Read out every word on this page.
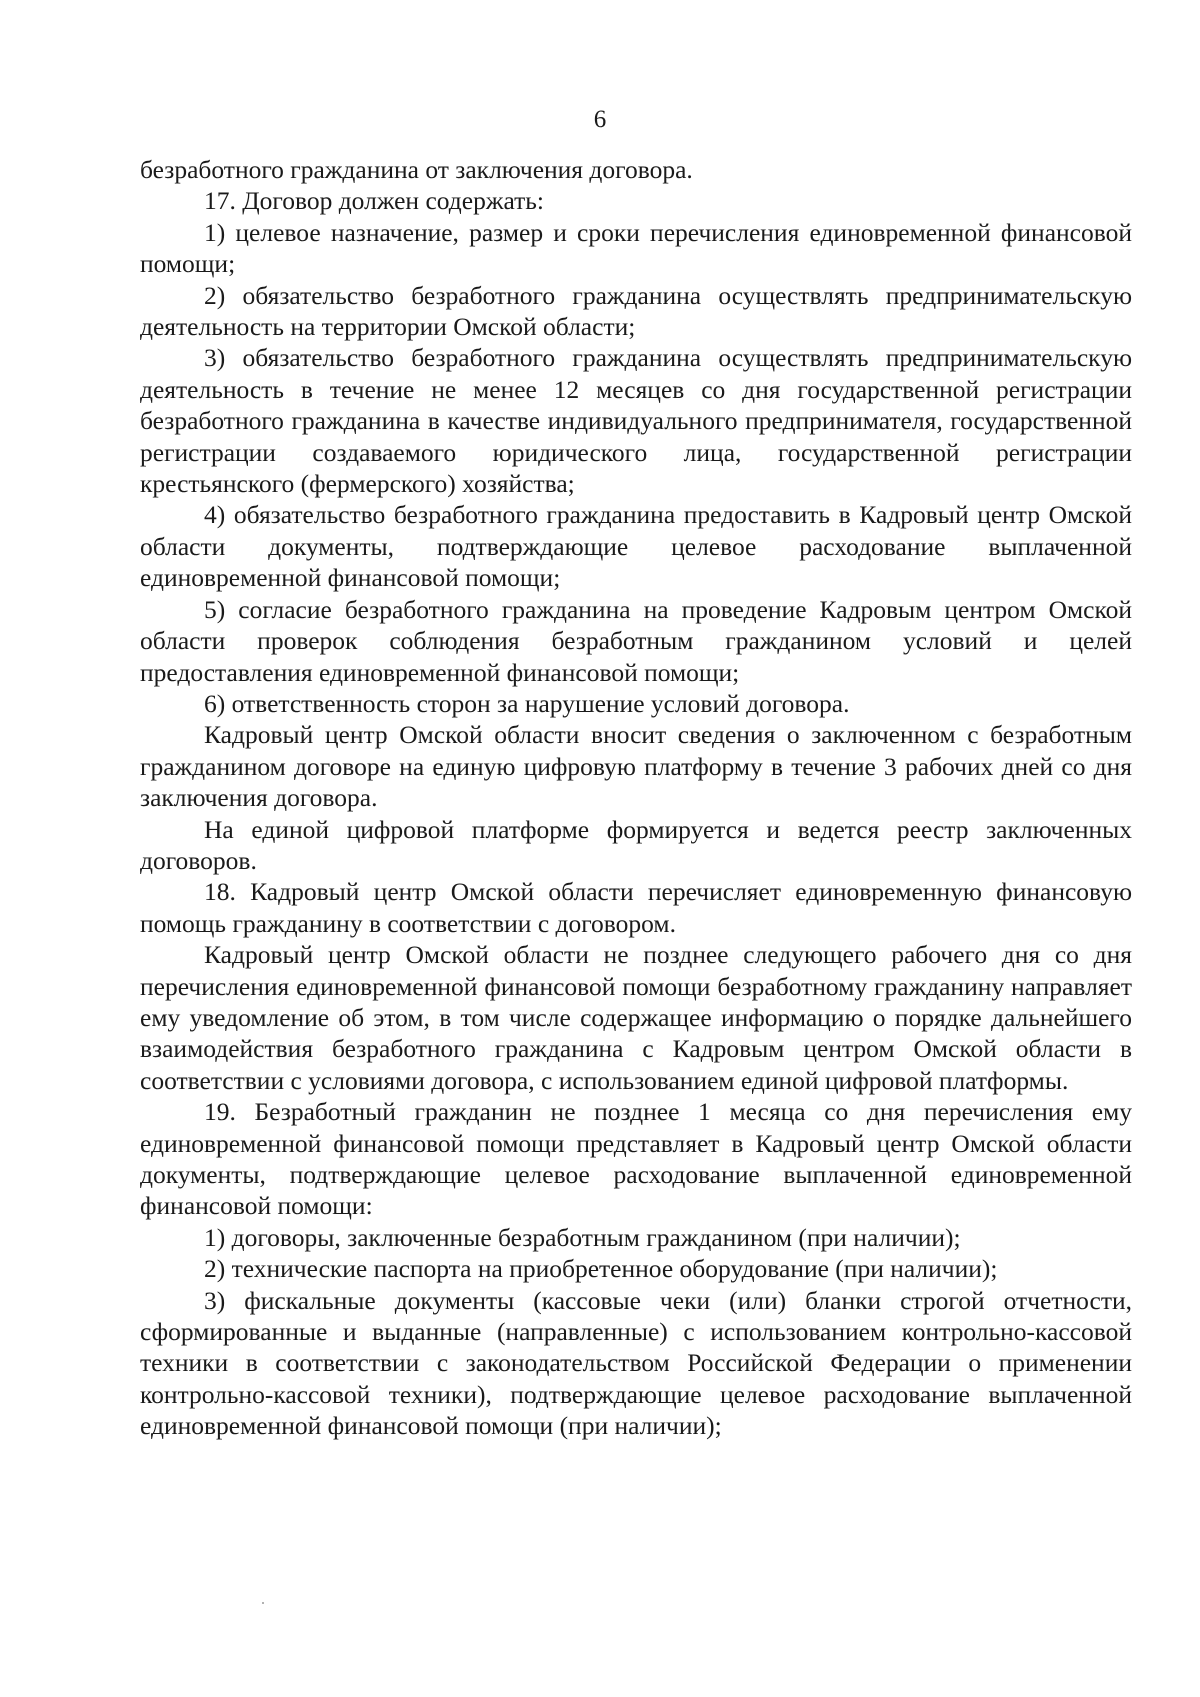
6

безработного гражданина от заключения договора.

17. Договор должен содержать:

1) целевое назначение, размер и сроки перечисления единовременной финансовой помощи;

2) обязательство безработного гражданина осуществлять предпринимательскую деятельность на территории Омской области;

3) обязательство безработного гражданина осуществлять предпринимательскую деятельность в течение не менее 12 месяцев со дня государственной регистрации безработного гражданина в качестве индивидуального предпринимателя, государственной регистрации создаваемого юридического лица, государственной регистрации крестьянского (фермерского) хозяйства;

4) обязательство безработного гражданина предоставить в Кадровый центр Омской области документы, подтверждающие целевое расходование выплаченной единовременной финансовой помощи;

5) согласие безработного гражданина на проведение Кадровым центром Омской области проверок соблюдения безработным гражданином условий и целей предоставления единовременной финансовой помощи;

6) ответственность сторон за нарушение условий договора.

Кадровый центр Омской области вносит сведения о заключенном с безработным гражданином договоре на единую цифровую платформу в течение 3 рабочих дней со дня заключения договора.

На единой цифровой платформе формируется и ведется реестр заключенных договоров.

18. Кадровый центр Омской области перечисляет единовременную финансовую помощь гражданину в соответствии с договором.

Кадровый центр Омской области не позднее следующего рабочего дня со дня перечисления единовременной финансовой помощи безработному гражданину направляет ему уведомление об этом, в том числе содержащее информацию о порядке дальнейшего взаимодействия безработного гражданина с Кадровым центром Омской области в соответствии с условиями договора, с использованием единой цифровой платформы.

19. Безработный гражданин не позднее 1 месяца со дня перечисления ему единовременной финансовой помощи представляет в Кадровый центр Омской области документы, подтверждающие целевое расходование выплаченной единовременной финансовой помощи:

1) договоры, заключенные безработным гражданином (при наличии);

2) технические паспорта на приобретенное оборудование (при наличии);

3) фискальные документы (кассовые чеки (или) бланки строгой отчетности, сформированные и выданные (направленные) с использованием контрольно-кассовой техники в соответствии с законодательством Российской Федерации о применении контрольно-кассовой техники), подтверждающие целевое расходование выплаченной единовременной финансовой помощи (при наличии);
